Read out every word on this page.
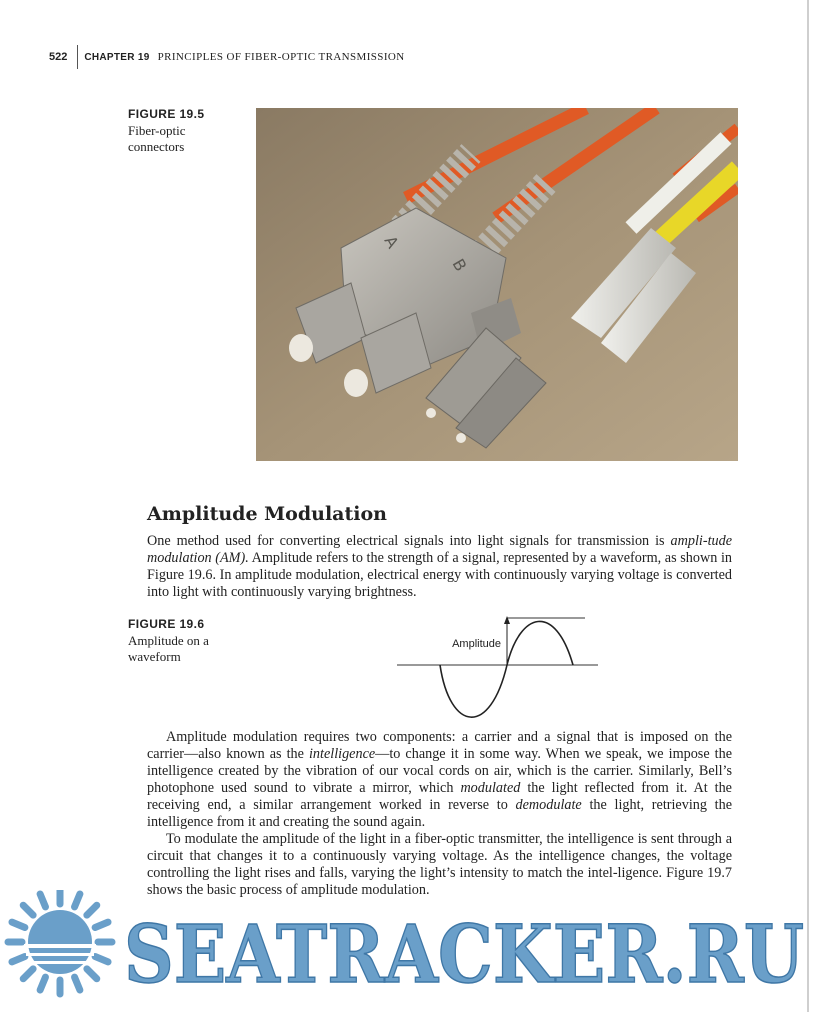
522	CHAPTER 19 PRINCIPLES OF FIBER-OPTIC TRANSMISSION
FIGURE 19.5
Fiber-optic
connectors
A
B
Amplitude Modulation
One method used for converting electrical signals into light signals for transmission is ampli-tude modulation (AM). Amplitude refers to the strength of a signal, represented by a waveform, as shown in Figure 19.6. In amplitude modulation, electrical energy with continuously varying voltage is converted into light with continuously varying brightness.
FIGURE 19.6
Amplitude on a
waveform
Amplitude
Amplitude modulation requires two components: a carrier and a signal that is imposed on the carrier—also known as the intelligence—to change it in some way. When we speak, we impose the intelligence created by the vibration of our vocal cords on air, which is the carrier. Similarly, Bell’s photophone used sound to vibrate a mirror, which modulated the light reflected from it. At the receiving end, a similar arrangement worked in reverse to demodulate the light, retrieving the intelligence from it and creating the sound again.
To modulate the amplitude of the light in a fiber-optic transmitter, the intelligence is sent through a circuit that changes it to a continuously varying voltage. As the intelligence changes, the voltage controlling the light rises and falls, varying the light’s intensity to match the intel-ligence. Figure 19.7 shows the basic process of amplitude modulation.
SEATRACKER.RU
